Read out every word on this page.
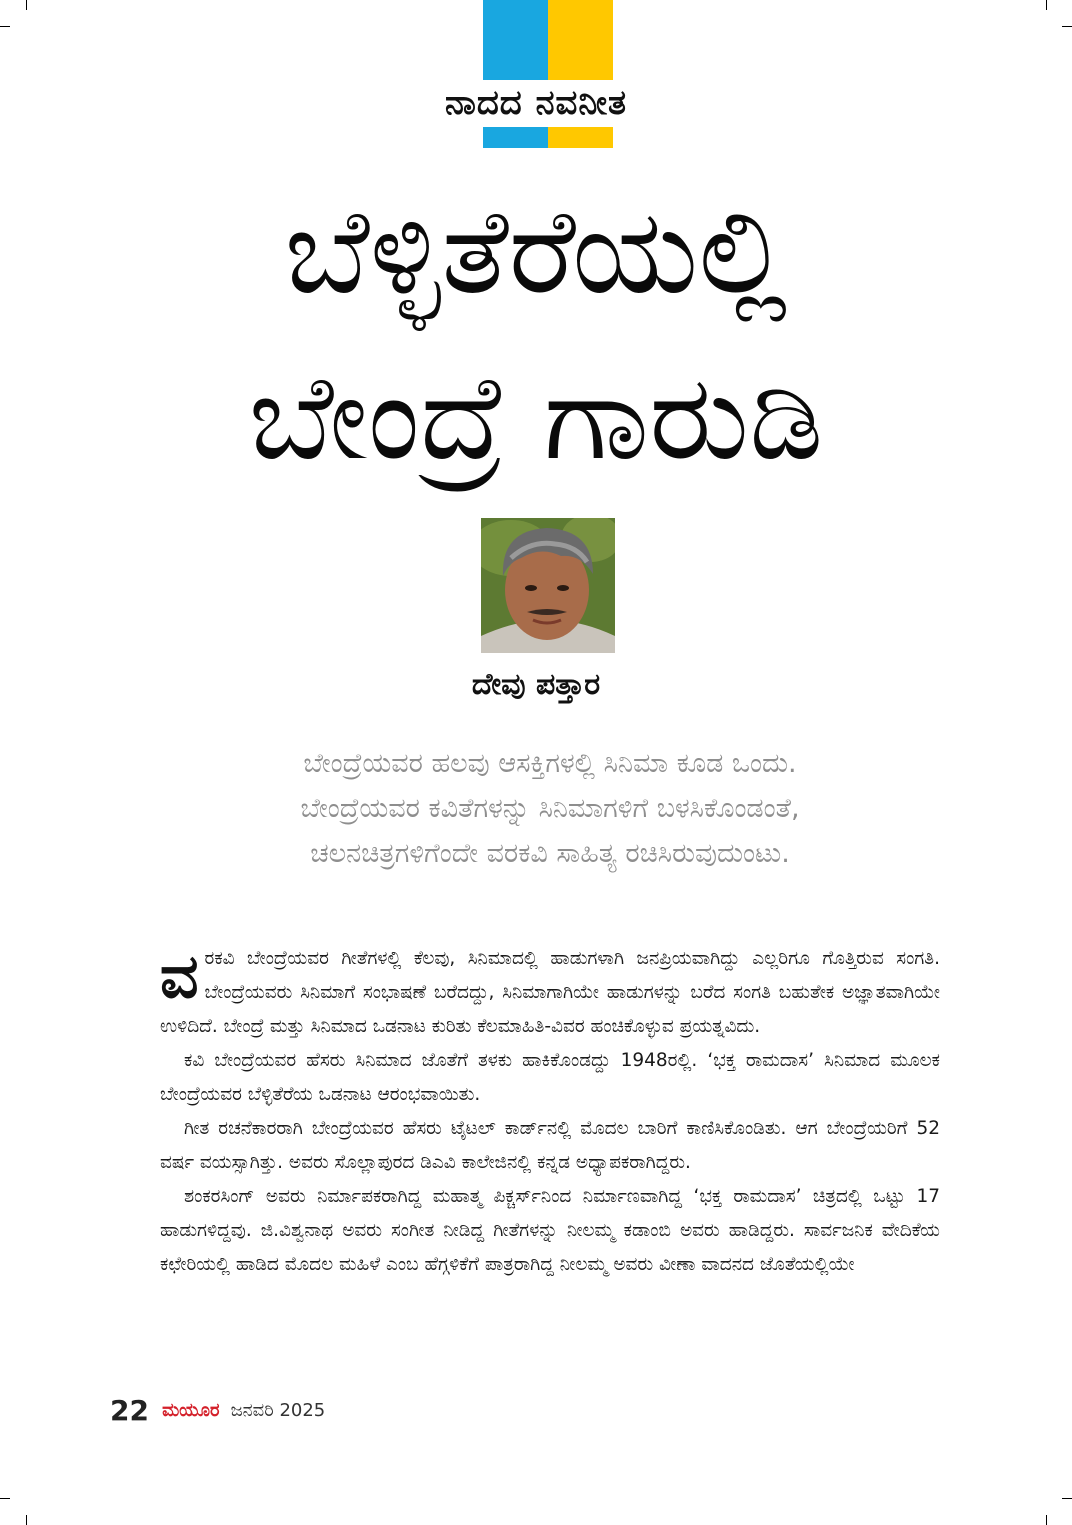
ನಾದದ ನವನೀತ
ಬೆಳ್ಳಿತೆರೆಯಲ್ಲಿ
ಬೇಂದ್ರೆ ಗಾರುಡಿ
ದೇವು ಪತ್ತಾರ
ಬೇಂದ್ರೆಯವರ ಹಲವು ಆಸಕ್ತಿಗಳಲ್ಲಿ ಸಿನಿಮಾ ಕೂಡ ಒಂದು.
ಬೇಂದ್ರೆಯವರ ಕವಿತೆಗಳನ್ನು ಸಿನಿಮಾಗಳಿಗೆ ಬಳಸಿಕೊಂಡಂತೆ,
ಚಲನಚಿತ್ರಗಳಿಗೆಂದೇ ವರಕವಿ ಸಾಹಿತ್ಯ ರಚಿಸಿರುವುದುಂಟು.

ವರಕವಿ ಬೇಂದ್ರೆಯವರ ಗೀತೆಗಳಲ್ಲಿ ಕೆಲವು, ಸಿನಿಮಾದಲ್ಲಿ ಹಾಡುಗಳಾಗಿ ಜನಪ್ರಿಯವಾಗಿದ್ದು ಎಲ್ಲರಿಗೂ ಗೊತ್ತಿರುವ ಸಂಗತಿ. ಬೇಂದ್ರೆಯವರು ಸಿನಿಮಾಗೆ ಸಂಭಾಷಣೆ ಬರೆದದ್ದು, ಸಿನಿಮಾಗಾಗಿಯೇ ಹಾಡುಗಳನ್ನು ಬರೆದ ಸಂಗತಿ ಬಹುತೇಕ ಅಜ್ಞಾತವಾಗಿಯೇ ಉಳಿದಿದೆ. ಬೇಂದ್ರೆ ಮತ್ತು ಸಿನಿಮಾದ ಒಡನಾಟ ಕುರಿತು ಕೆಲಮಾಹಿತಿ-ವಿವರ ಹಂಚಿಕೊಳ್ಳುವ ಪ್ರಯತ್ನವಿದು.

ಕವಿ ಬೇಂದ್ರೆಯವರ ಹೆಸರು ಸಿನಿಮಾದ ಜೊತೆಗೆ ತಳಕು ಹಾಕಿಕೊಂಡದ್ದು 1948ರಲ್ಲಿ. ‘ಭಕ್ತ ರಾಮದಾಸ’ ಸಿನಿಮಾದ ಮೂಲಕ ಬೇಂದ್ರೆಯವರ ಬೆಳ್ಳಿತೆರೆಯ ಒಡನಾಟ ಆರಂಭವಾಯಿತು.

ಗೀತ ರಚನೆಕಾರರಾಗಿ ಬೇಂದ್ರೆಯವರ ಹೆಸರು ಟೈಟಲ್ ಕಾರ್ಡ್‌ನಲ್ಲಿ ಮೊದಲ ಬಾರಿಗೆ ಕಾಣಿಸಿಕೊಂಡಿತು. ಆಗ ಬೇಂದ್ರೆಯರಿಗೆ 52 ವರ್ಷ ವಯಸ್ಸಾಗಿತ್ತು. ಅವರು ಸೊಲ್ಲಾಪುರದ ಡಿಎವಿ ಕಾಲೇಜಿನಲ್ಲಿ ಕನ್ನಡ ಅಧ್ಯಾಪಕರಾಗಿದ್ದರು.

ಶಂಕರಸಿಂಗ್ ಅವರು ನಿರ್ಮಾಪಕರಾಗಿದ್ದ ಮಹಾತ್ಮ ಪಿಕ್ಚರ್ಸ್‌ನಿಂದ ನಿರ್ಮಾಣವಾಗಿದ್ದ ‘ಭಕ್ತ ರಾಮದಾಸ’ ಚಿತ್ರದಲ್ಲಿ ಒಟ್ಟು 17 ಹಾಡುಗಳಿದ್ದವು. ಜಿ.ವಿಶ್ವನಾಥ ಅವರು ಸಂಗೀತ ನೀಡಿದ್ದ ಗೀತೆಗಳನ್ನು ನೀಲಮ್ಮ ಕಡಾಂಬಿ ಅವರು ಹಾಡಿದ್ದರು. ಸಾರ್ವಜನಿಕ ವೇದಿಕೆಯ ಕಛೇರಿಯಲ್ಲಿ ಹಾಡಿದ ಮೊದಲ ಮಹಿಳೆ ಎಂಬ ಹೆಗ್ಗಳಿಕೆಗೆ ಪಾತ್ರರಾಗಿದ್ದ ನೀಲಮ್ಮ ಅವರು ವೀಣಾ ವಾದನದ ಜೊತೆಯಲ್ಲಿಯೇ

22 ಮಯೂರ ಜನವರಿ 2025
